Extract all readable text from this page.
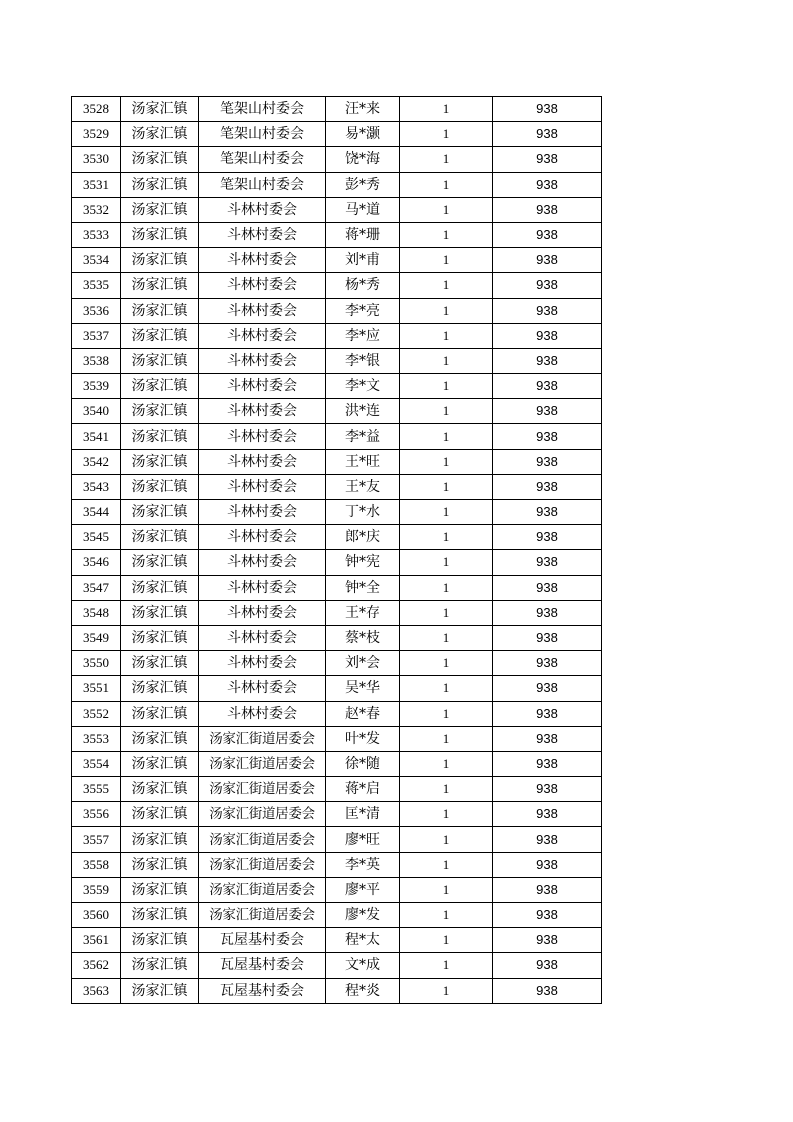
3528	汤家汇镇	笔架山村委会	汪*来	1	938
3529	汤家汇镇	笔架山村委会	易*灏	1	938
3530	汤家汇镇	笔架山村委会	饶*海	1	938
3531	汤家汇镇	笔架山村委会	彭*秀	1	938
3532	汤家汇镇	斗林村委会	马*道	1	938
3533	汤家汇镇	斗林村委会	蒋*珊	1	938
3534	汤家汇镇	斗林村委会	刘*甫	1	938
3535	汤家汇镇	斗林村委会	杨*秀	1	938
3536	汤家汇镇	斗林村委会	李*亮	1	938
3537	汤家汇镇	斗林村委会	李*应	1	938
3538	汤家汇镇	斗林村委会	李*银	1	938
3539	汤家汇镇	斗林村委会	李*文	1	938
3540	汤家汇镇	斗林村委会	洪*连	1	938
3541	汤家汇镇	斗林村委会	李*益	1	938
3542	汤家汇镇	斗林村委会	王*旺	1	938
3543	汤家汇镇	斗林村委会	王*友	1	938
3544	汤家汇镇	斗林村委会	丁*水	1	938
3545	汤家汇镇	斗林村委会	郎*庆	1	938
3546	汤家汇镇	斗林村委会	钟*宪	1	938
3547	汤家汇镇	斗林村委会	钟*全	1	938
3548	汤家汇镇	斗林村委会	王*存	1	938
3549	汤家汇镇	斗林村委会	蔡*枝	1	938
3550	汤家汇镇	斗林村委会	刘*会	1	938
3551	汤家汇镇	斗林村委会	吴*华	1	938
3552	汤家汇镇	斗林村委会	赵*春	1	938
3553	汤家汇镇	汤家汇街道居委会	叶*发	1	938
3554	汤家汇镇	汤家汇街道居委会	徐*随	1	938
3555	汤家汇镇	汤家汇街道居委会	蒋*启	1	938
3556	汤家汇镇	汤家汇街道居委会	匡*清	1	938
3557	汤家汇镇	汤家汇街道居委会	廖*旺	1	938
3558	汤家汇镇	汤家汇街道居委会	李*英	1	938
3559	汤家汇镇	汤家汇街道居委会	廖*平	1	938
3560	汤家汇镇	汤家汇街道居委会	廖*发	1	938
3561	汤家汇镇	瓦屋基村委会	程*太	1	938
3562	汤家汇镇	瓦屋基村委会	文*成	1	938
3563	汤家汇镇	瓦屋基村委会	程*炎	1	938
